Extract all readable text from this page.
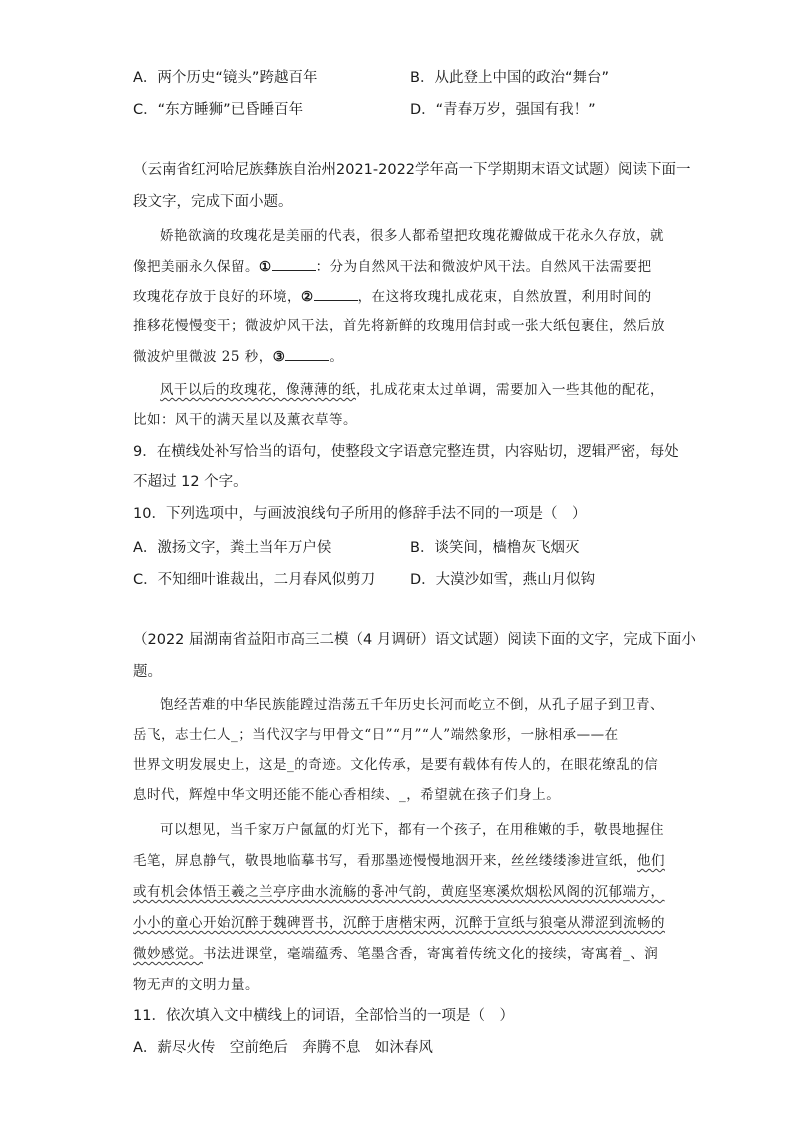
A．两个历史“镜头”跨越百年	B．从此登上中国的政治“舞台”
C．“东方睡狮”已昏睡百年	D．“青春万岁，强国有我！”
（云南省红河哈尼族彝族自治州2021-2022学年高一下学期期末语文试题）阅读下面一
段文字，完成下面小题。
娇艳欲滴的玫瑰花是美丽的代表，很多人都希望把玫瑰花瓣做成干花永久存放，就
像把美丽永久保留。①	：分为自然风干法和微波炉风干法。自然风干法需要把
玫瑰花存放于良好的环境，②	，在这将玫瑰扎成花束，自然放置，利用时间的
推移花慢慢变干；微波炉风干法，首先将新鲜的玫瑰用信封或一张大纸包裹住，然后放
微波炉里微波 25 秒，③	。
风干以后的玫瑰花，像薄薄的纸，扎成花束太过单调，需要加入一些其他的配花，
比如：风干的满天星以及薰衣草等。
9．在横线处补写恰当的语句，使整段文字语意完整连贯，内容贴切，逻辑严密，每处
不超过 12 个字。
10．下列选项中，与画波浪线句子所用的修辞手法不同的一项是（　）
A．激扬文字，粪土当年万户侯	B．谈笑间，樯橹灰飞烟灭
C．不知细叶谁裁出，二月春风似剪刀 D．大漠沙如雪，燕山月似钩
（2022 届湖南省益阳市高三二模（4 月调研）语文试题）阅读下面的文字，完成下面小
题。
饱经苦难的中华民族能蹚过浩荡五千年历史长河而屹立不倒，从孔子屈子到卫青、
岳飞，志士仁人_；当代汉字与甲骨文“日”“月”“人”端然象形，一脉相承——在
世界文明发展史上，这是_的奇迹。文化传承，是要有载体有传人的，在眼花缭乱的信
息时代，辉煌中华文明还能不能心香相续、_，希望就在孩子们身上。
可以想见，当千家万户氤氲的灯光下，都有一个孩子，在用稚嫩的手，敬畏地握住
毛笔，屏息静气，敬畏地临摹书写，看那墨迹慢慢地洇开来，丝丝缕缕渗进宣纸，他们
或有机会体悟王羲之兰亭序曲水流觞的흉冲气韵，黄庭坚寒溪炊烟松风阁的沉郁端方，
小小的童心开始沉醉于魏碑晋书，沉醉于唐楷宋两，沉醉于宣纸与狼毫从滞涩到流畅的
微妙感觉。书法进课堂，毫端蕴秀、笔墨含香，寄寓着传统文化的接续，寄寓着_、润
物无声的文明力量。
11．依次填入文中横线上的词语，全部恰当的一项是（　）
A．薪尽火传　空前绝后　奔腾不息　如沐春风
